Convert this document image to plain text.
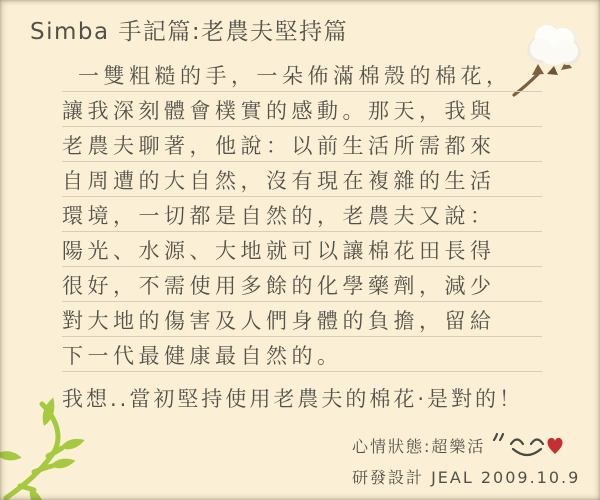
Simba 手記篇:老農夫堅持篇
一雙粗糙的手，一朵佈滿棉殼的棉花，
讓我深刻體會樸實的感動。那天，我與
老農夫聊著，他說：以前生活所需都來
自周遭的大自然，沒有現在複雜的生活
環境，一切都是自然的，老農夫又說：
陽光、水源、大地就可以讓棉花田長得
很好，不需使用多餘的化學藥劑，減少
對大地的傷害及人們身體的負擔，留給
下一代最健康最自然的。
我想..當初堅持使用老農夫的棉花·是對的！
心情狀態:超樂活
研發設計 JEAL 2009.10.9
